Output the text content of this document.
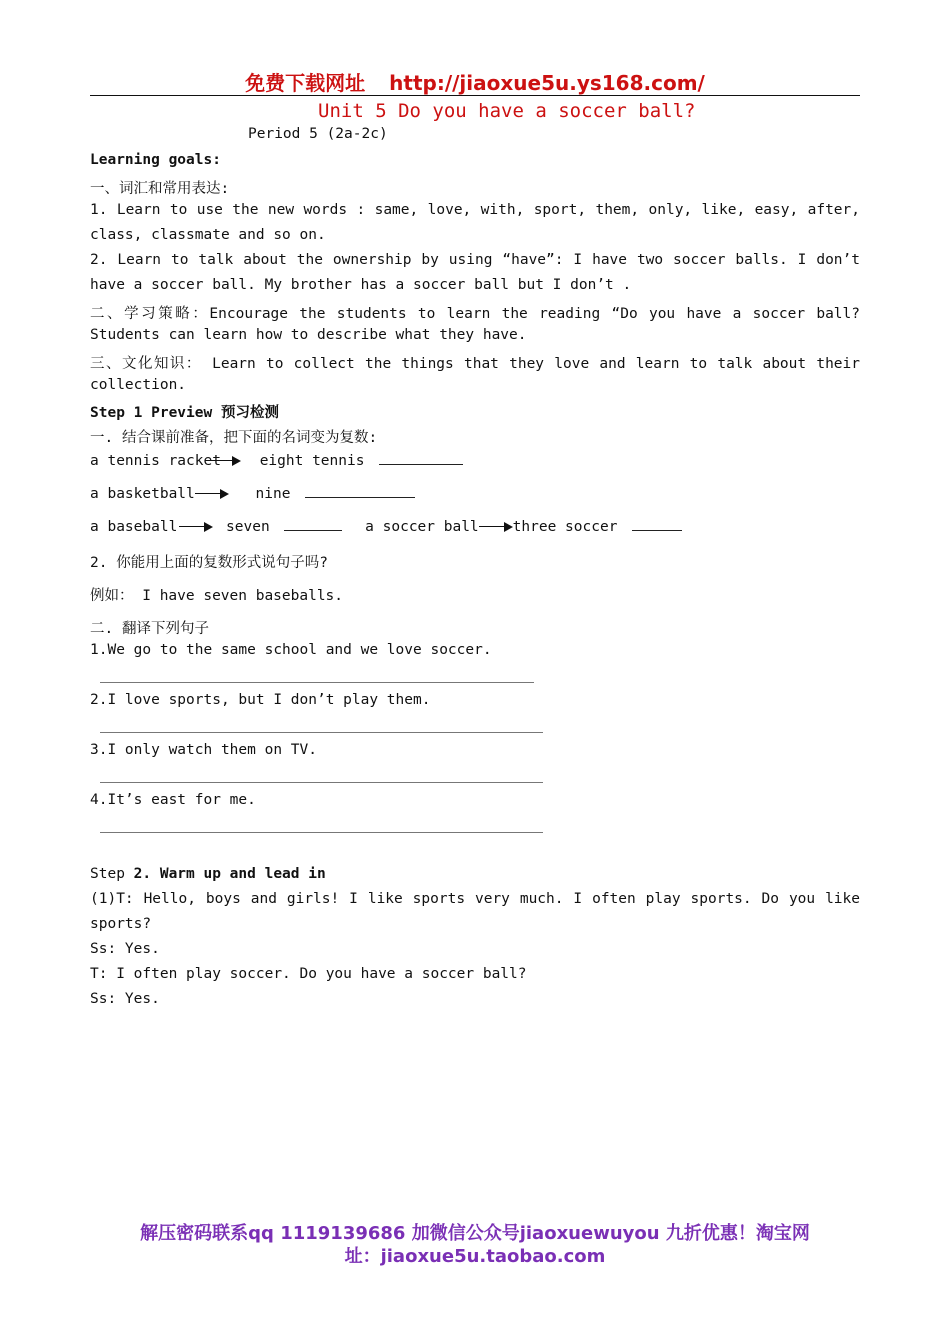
免费下载网址 http://jiaoxue5u.ys168.com/
Unit 5 Do you have a soccer ball?
Period 5 (2a-2c)
Learning goals:
一、词汇和常用表达:
1. Learn to use the new words : same, love, with, sport, them, only, like, easy, after,
class, classmate and so on.
2. Learn to talk about the ownership by using “have”: I have two soccer balls. I don’t
have a soccer ball. My brother has a soccer ball but I don’t .
二、学习策略：Encourage the students to learn the reading “Do you have a soccer ball?
Students can learn how to describe what they have.
三、文化知识： Learn to collect the things that they love and learn to talk about their
collection.
Step 1 Preview 预习检测
一. 结合课前准备，把下面的名词变为复数:
a tennis racket	eight tennis
a basketball	nine
a baseball	seven	a soccer ball three soccer
2. 你能用上面的复数形式说句子吗?
例如： I have seven baseballs.
二. 翻译下列句子
1.We go to the same school and we love soccer.
2.I love sports, but I don’t play them.
3.I only watch them on TV.
4.It’s east for me.
Step 2. Warm up and lead in
(1)T: Hello, boys and girls! I like sports very much. I often play sports. Do you like
sports?
Ss: Yes.
T: I often play soccer. Do you have a soccer ball?
Ss: Yes.
解压密码联系qq 1119139686 加微信公众号jiaoxuewuyou 九折优惠！淘宝网
址：jiaoxue5u.taobao.com
